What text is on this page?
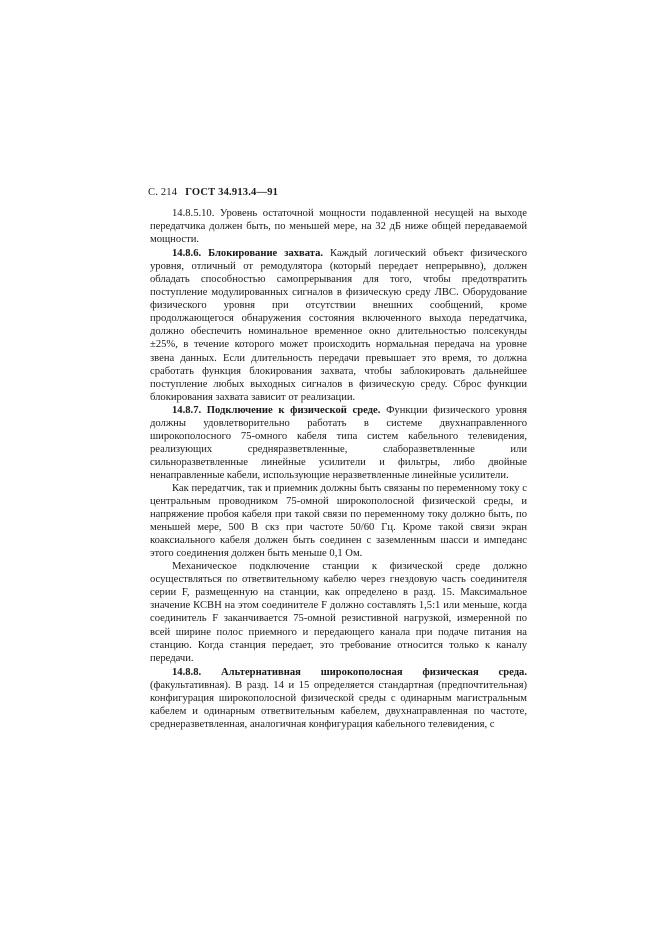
С. 214 ГОСТ 34.913.4—91

14.8.5.10. Уровень остаточной мощности подавленной несущей на выходе передатчика должен быть, по меньшей мере, на 32 дБ ниже общей передаваемой мощности.

14.8.6. Блокирование захвата. Каждый логический объект физического уровня, отличный от ремодулятора (который передает непрерывно), должен обладать способностью самопрерывания для того, чтобы предотвратить поступление модулированных сигналов в физическую среду ЛВС. Оборудование физического уровня при отсутствии внешних сообщений, кроме продолжающегося обнаружения состояния включенного выхода передатчика, должно обеспечить номинальное временное окно длительностью полсекунды ±25%, в течение которого может происходить нормальная передача на уровне звена данных. Если длительность передачи превышает это время, то должна сработать функция блокирования захвата, чтобы заблокировать дальнейшее поступление любых выходных сигналов в физическую среду. Сброс функции блокирования захвата зависит от реализации.

14.8.7. Подключение к физической среде. Функции физического уровня должны удовлетворительно работать в системе двухнаправленного широкополосного 75-омного кабеля типа систем кабельного телевидения, реализующих средняразветвленные, слаборазветвленные или сильноразветвленные линейные усилители и фильтры, либо двойные ненаправленные кабели, использующие неразветвленные линейные усилители.

Как передатчик, так и приемник должны быть связаны по переменному току с центральным проводником 75-омной широкополосной физической среды, и напряжение пробоя кабеля при такой связи по переменному току должно быть, по меньшей мере, 500 В скз при частоте 50/60 Гц. Кроме такой связи экран коаксиального кабеля должен быть соединен с заземленным шасси и импеданс этого соединения должен быть меньше 0,1 Ом.

Механическое подключение станции к физической среде должно осуществляться по ответвительному кабелю через гнездовую часть соединителя серии F, размещенную на станции, как определено в разд. 15. Максимальное значение КСВН на этом соединителе F должно составлять 1,5:1 или меньше, когда соединитель F заканчивается 75-омной резистивной нагрузкой, измеренной по всей ширине полос приемного и передающего канала при подаче питания на станцию. Когда станция передает, это требование относится только к каналу передачи.

14.8.8. Альтернативная широкополосная физическая среда. (факультативная). В разд. 14 и 15 определяется стандартная (предпочтительная) конфигурация широкополосной физической среды с одинарным магистральным кабелем и одинарным ответвительным кабелем, двухнаправленная по частоте, среднеразветвленная, аналогичная конфигурация кабельного телевидения, с
